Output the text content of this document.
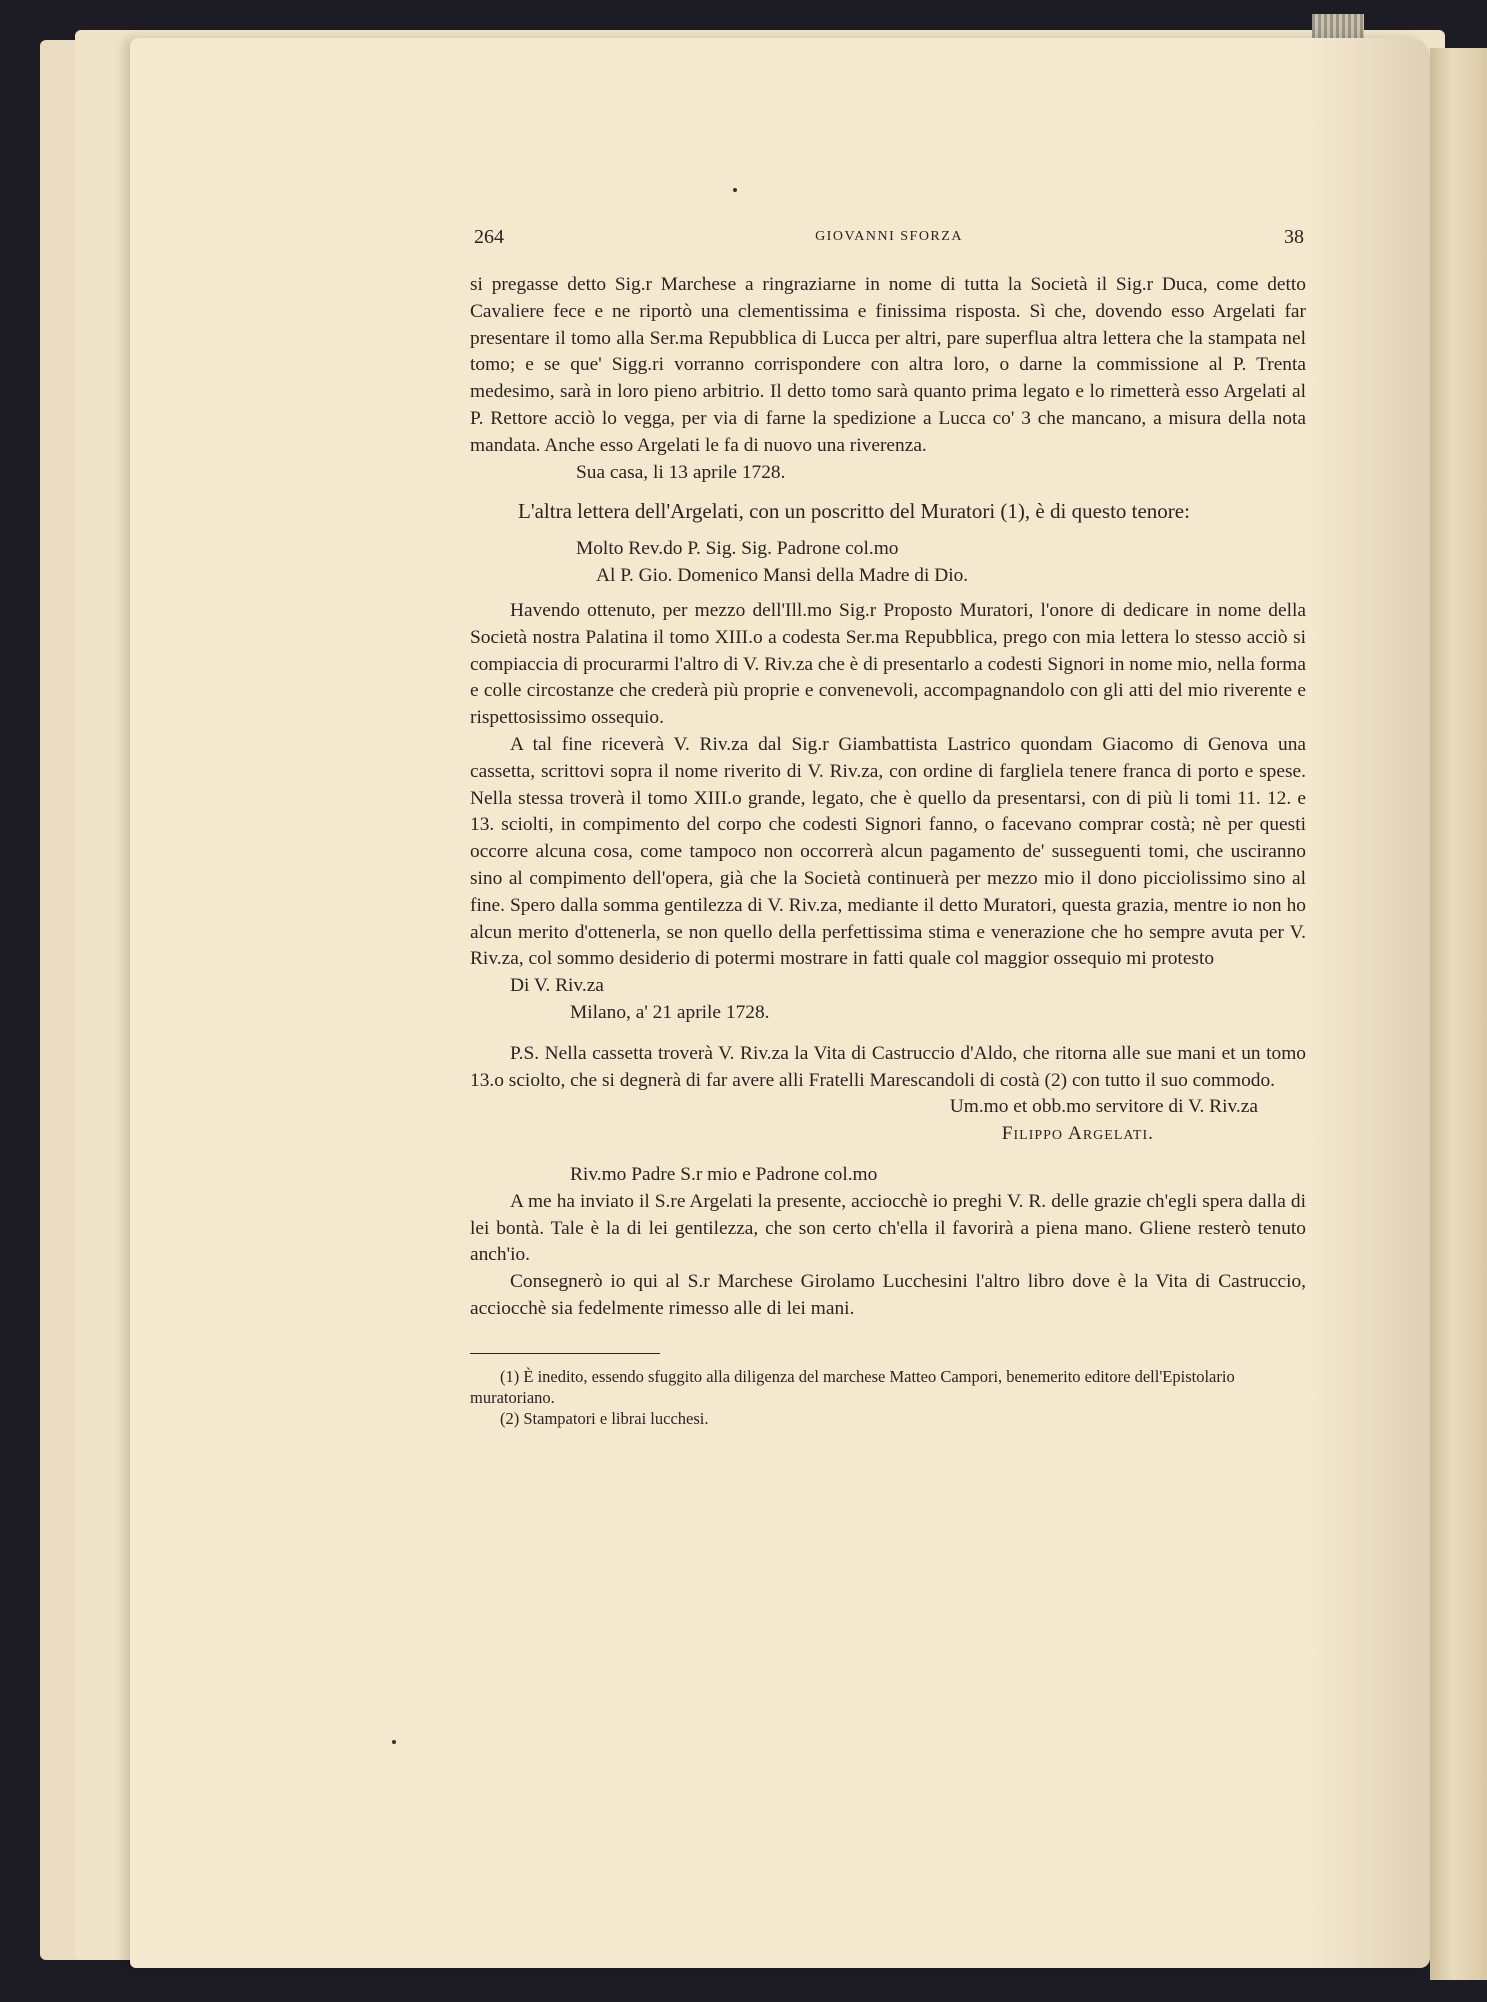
264	GIOVANNI SFORZA	38

si pregasse detto Sig.r Marchese a ringraziarne in nome di tutta la Società il Sig.r Duca, come detto Cavaliere fece e ne riportò una clementissima e finissima risposta. Sì che, dovendo esso Argelati far presentare il tomo alla Ser.ma Repubblica di Lucca per altri, pare superflua altra lettera che la stampata nel tomo; e se que' Sigg.ri vorranno corrispondere con altra loro, o darne la commissione al P. Trenta medesimo, sarà in loro pieno arbitrio. Il detto tomo sarà quanto prima legato e lo rimetterà esso Argelati al P. Rettore acciò lo vegga, per via di farne la spedizione a Lucca co' 3 che mancano, a misura della nota mandata. Anche esso Argelati le fa di nuovo una riverenza.

Sua casa, li 13 aprile 1728.

L'altra lettera dell'Argelati, con un poscritto del Muratori (1), è di questo tenore:

Molto Rev.do P. Sig. Sig. Padrone col.mo

Al P. Gio. Domenico Mansi della Madre di Dio.

Havendo ottenuto, per mezzo dell'Ill.mo Sig.r Proposto Muratori, l'onore di dedicare in nome della Società nostra Palatina il tomo XIII.o a codesta Ser.ma Repubblica, prego con mia lettera lo stesso acciò si compiaccia di procurarmi l'altro di V. Riv.za che è di presentarlo a codesti Signori in nome mio, nella forma e colle circostanze che crederà più proprie e convenevoli, accompagnandolo con gli atti del mio riverente e rispettosissimo ossequio.

A tal fine riceverà V. Riv.za dal Sig.r Giambattista Lastrico quondam Giacomo di Genova una cassetta, scrittovi sopra il nome riverito di V. Riv.za, con ordine di fargliela tenere franca di porto e spese. Nella stessa troverà il tomo XIII.o grande, legato, che è quello da presentarsi, con di più li tomi 11. 12. e 13. sciolti, in compimento del corpo che codesti Signori fanno, o facevano comprar costà; nè per questi occorre alcuna cosa, come tampoco non occorrerà alcun pagamento de' susseguenti tomi, che usciranno sino al compimento dell'opera, già che la Società continuerà per mezzo mio il dono picciolissimo sino al fine. Spero dalla somma gentilezza di V. Riv.za, mediante il detto Muratori, questa grazia, mentre io non ho alcun merito d'ottenerla, se non quello della perfettissima stima e venerazione che ho sempre avuta per V. Riv.za, col sommo desiderio di potermi mostrare in fatti quale col maggior ossequio mi protesto

Di V. Riv.za

Milano, a' 21 aprile 1728.

P.S. Nella cassetta troverà V. Riv.za la Vita di Castruccio d'Aldo, che ritorna alle sue mani et un tomo 13.o sciolto, che si degnerà di far avere alli Fratelli Marescandoli di costà (2) con tutto il suo commodo.

Um.mo et obb.mo servitore di V. Riv.za

Filippo Argelati.

Riv.mo Padre S.r mio e Padrone col.mo

A me ha inviato il S.re Argelati la presente, acciocchè io preghi V. R. delle grazie ch'egli spera dalla di lei bontà. Tale è la di lei gentilezza, che son certo ch'ella il favorirà a piena mano. Gliene resterò tenuto anch'io.

Consegnerò io qui al S.r Marchese Girolamo Lucchesini l'altro libro dove è la Vita di Castruccio, acciocchè sia fedelmente rimesso alle di lei mani.

(1) È inedito, essendo sfuggito alla diligenza del marchese Matteo Campori, benemerito editore dell'Epistolario muratoriano.

(2) Stampatori e librai lucchesi.
